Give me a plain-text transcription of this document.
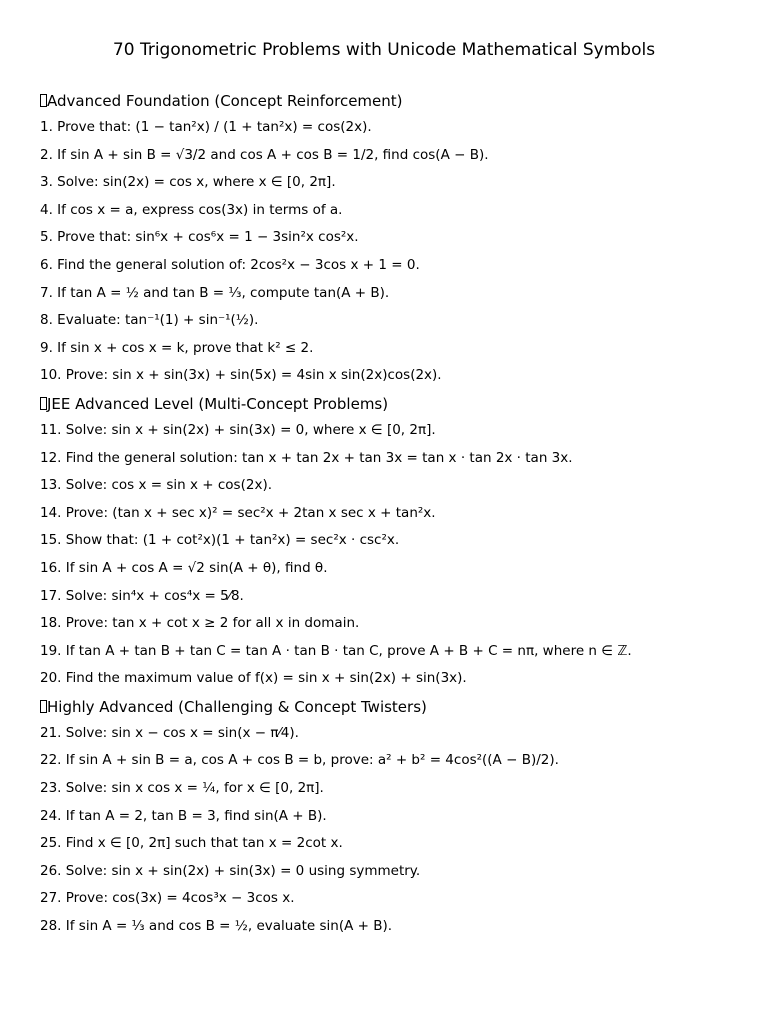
70 Trigonometric Problems with Unicode Mathematical Symbols
Advanced Foundation (Concept Reinforcement)
1. Prove that: (1 − tan²x) / (1 + tan²x) = cos(2x).
2. If sin A + sin B = √3/2 and cos A + cos B = 1/2, find cos(A − B).
3. Solve: sin(2x) = cos x, where x ∈ [0, 2π].
4. If cos x = a, express cos(3x) in terms of a.
5. Prove that: sin⁶x + cos⁶x = 1 − 3sin²x cos²x.
6. Find the general solution of: 2cos²x − 3cos x + 1 = 0.
7. If tan A = ½ and tan B = ⅓, compute tan(A + B).
8. Evaluate: tan⁻¹(1) + sin⁻¹(½).
9. If sin x + cos x = k, prove that k² ≤ 2.
10. Prove: sin x + sin(3x) + sin(5x) = 4sin x sin(2x)cos(2x).
JEE Advanced Level (Multi-Concept Problems)
11. Solve: sin x + sin(2x) + sin(3x) = 0, where x ∈ [0, 2π].
12. Find the general solution: tan x + tan 2x + tan 3x = tan x · tan 2x · tan 3x.
13. Solve: cos x = sin x + cos(2x).
14. Prove: (tan x + sec x)² = sec²x + 2tan x sec x + tan²x.
15. Show that: (1 + cot²x)(1 + tan²x) = sec²x · csc²x.
16. If sin A + cos A = √2 sin(A + θ), find θ.
17. Solve: sin⁴x + cos⁴x = 5⁄8.
18. Prove: tan x + cot x ≥ 2 for all x in domain.
19. If tan A + tan B + tan C = tan A · tan B · tan C, prove A + B + C = nπ, where n ∈ ℤ.
20. Find the maximum value of f(x) = sin x + sin(2x) + sin(3x).
Highly Advanced (Challenging & Concept Twisters)
21. Solve: sin x − cos x = sin(x − π⁄4).
22. If sin A + sin B = a, cos A + cos B = b, prove: a² + b² = 4cos²((A − B)/2).
23. Solve: sin x cos x = ¼, for x ∈ [0, 2π].
24. If tan A = 2, tan B = 3, find sin(A + B).
25. Find x ∈ [0, 2π] such that tan x = 2cot x.
26. Solve: sin x + sin(2x) + sin(3x) = 0 using symmetry.
27. Prove: cos(3x) = 4cos³x − 3cos x.
28. If sin A = ⅓ and cos B = ½, evaluate sin(A + B).
